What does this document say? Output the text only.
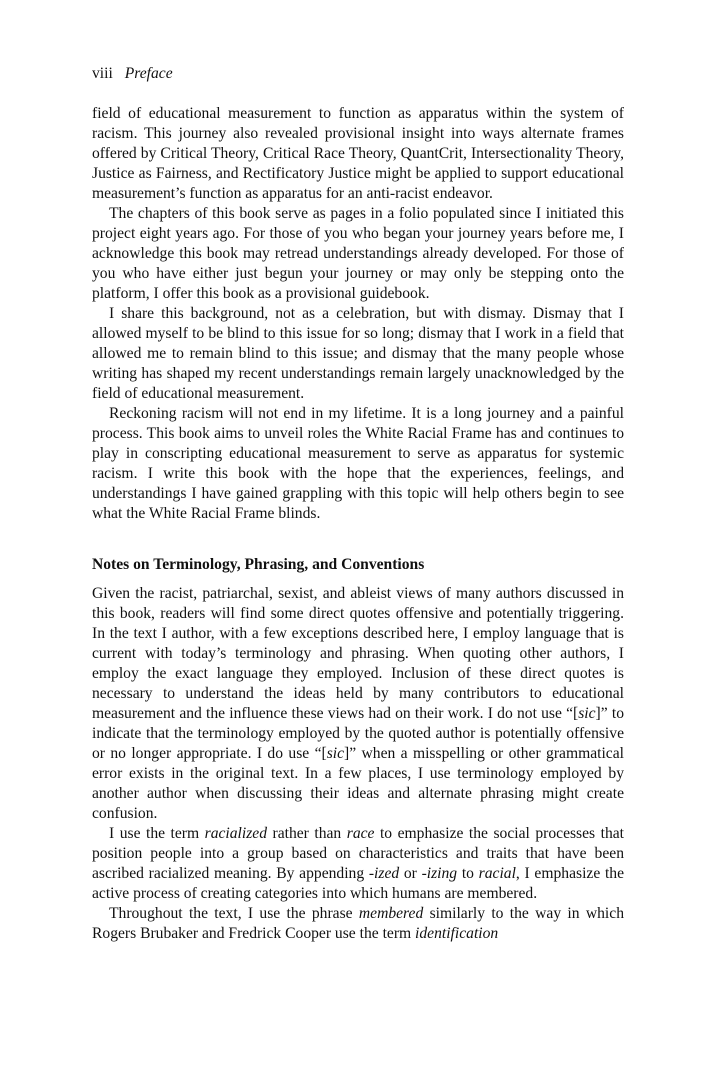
viii Preface

field of educational measurement to function as apparatus within the system of racism. This journey also revealed provisional insight into ways alternate frames offered by Critical Theory, Critical Race Theory, QuantCrit, Intersectionality Theory, Justice as Fairness, and Rectificatory Justice might be applied to support educational measurement’s function as apparatus for an anti-racist endeavor.

The chapters of this book serve as pages in a folio populated since I initiated this project eight years ago. For those of you who began your journey years before me, I acknowledge this book may retread understandings already developed. For those of you who have either just begun your journey or may only be stepping onto the platform, I offer this book as a provisional guidebook.

I share this background, not as a celebration, but with dismay. Dismay that I allowed myself to be blind to this issue for so long; dismay that I work in a field that allowed me to remain blind to this issue; and dismay that the many people whose writing has shaped my recent understandings remain largely unacknowledged by the field of educational measurement.

Reckoning racism will not end in my lifetime. It is a long journey and a painful process. This book aims to unveil roles the White Racial Frame has and continues to play in conscripting educational measurement to serve as apparatus for systemic racism. I write this book with the hope that the experiences, feelings, and understandings I have gained grappling with this topic will help others begin to see what the White Racial Frame blinds.

Notes on Terminology, Phrasing, and Conventions

Given the racist, patriarchal, sexist, and ableist views of many authors discussed in this book, readers will find some direct quotes offensive and potentially triggering. In the text I author, with a few exceptions described here, I employ language that is current with today’s terminology and phrasing. When quoting other authors, I employ the exact language they employed. Inclusion of these direct quotes is necessary to understand the ideas held by many contributors to educational measurement and the influence these views had on their work. I do not use “[sic]” to indicate that the terminology employed by the quoted author is potentially offensive or no longer appropriate. I do use “[sic]” when a misspelling or other grammatical error exists in the original text. In a few places, I use terminology employed by another author when discussing their ideas and alternate phrasing might create confusion.

I use the term racialized rather than race to emphasize the social processes that position people into a group based on characteristics and traits that have been ascribed racialized meaning. By appending -ized or -izing to racial, I emphasize the active process of creating categories into which humans are membered.

Throughout the text, I use the phrase membered similarly to the way in which Rogers Brubaker and Fredrick Cooper use the term identification
